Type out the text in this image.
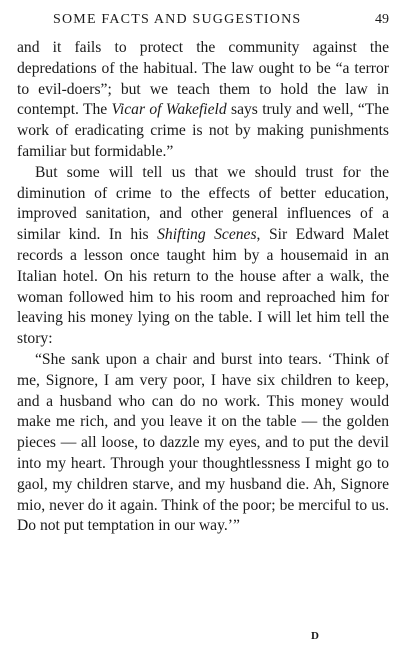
SOME FACTS AND SUGGESTIONS	49

and it fails to protect the community against the depredations of the habitual. The law ought to be “a terror to evil-doers”; but we teach them to hold the law in contempt. The Vicar of Wakefield says truly and well, “The work of eradicating crime is not by making punishments familiar but formidable.”

But some will tell us that we should trust for the diminution of crime to the effects of better education, improved sanitation, and other general influences of a similar kind. In his Shifting Scenes, Sir Edward Malet records a lesson once taught him by a housemaid in an Italian hotel. On his return to the house after a walk, the woman followed him to his room and reproached him for leaving his money lying on the table. I will let him tell the story:

“She sank upon a chair and burst into tears. ‘Think of me, Signore, I am very poor, I have six children to keep, and a husband who can do no work. This money would make me rich, and you leave it on the table — the golden pieces — all loose, to dazzle my eyes, and to put the devil into my heart. Through your thoughtlessness I might go to gaol, my children starve, and my husband die. Ah, Signore mio, never do it again. Think of the poor; be merciful to us. Do not put temptation in our way.’”

D
